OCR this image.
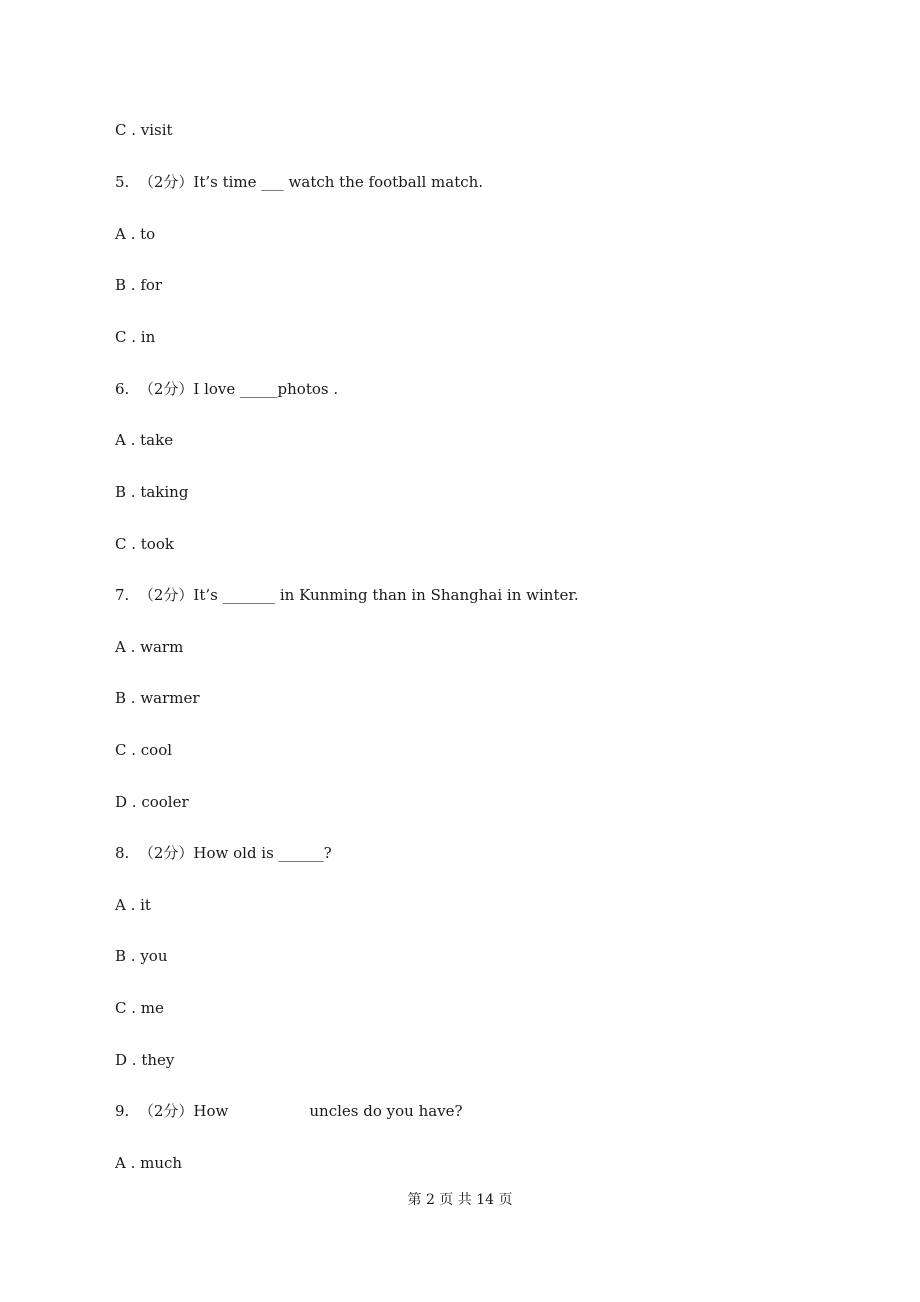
C . visit
5.  （2分）It’s time ___ watch the football match.
A . to
B . for
C . in
6.  （2分）I love _____photos .
A . take
B . taking
C . took
7.  （2分）It’s _______ in Kunming than in Shanghai in winter.
A . warm
B . warmer
C . cool
D . cooler
8.  （2分）How old is ______?
A . it
B . you
C . me
D . they
9.  （2分）How                 uncles do you have?
A . much
第 2 页 共 14 页
